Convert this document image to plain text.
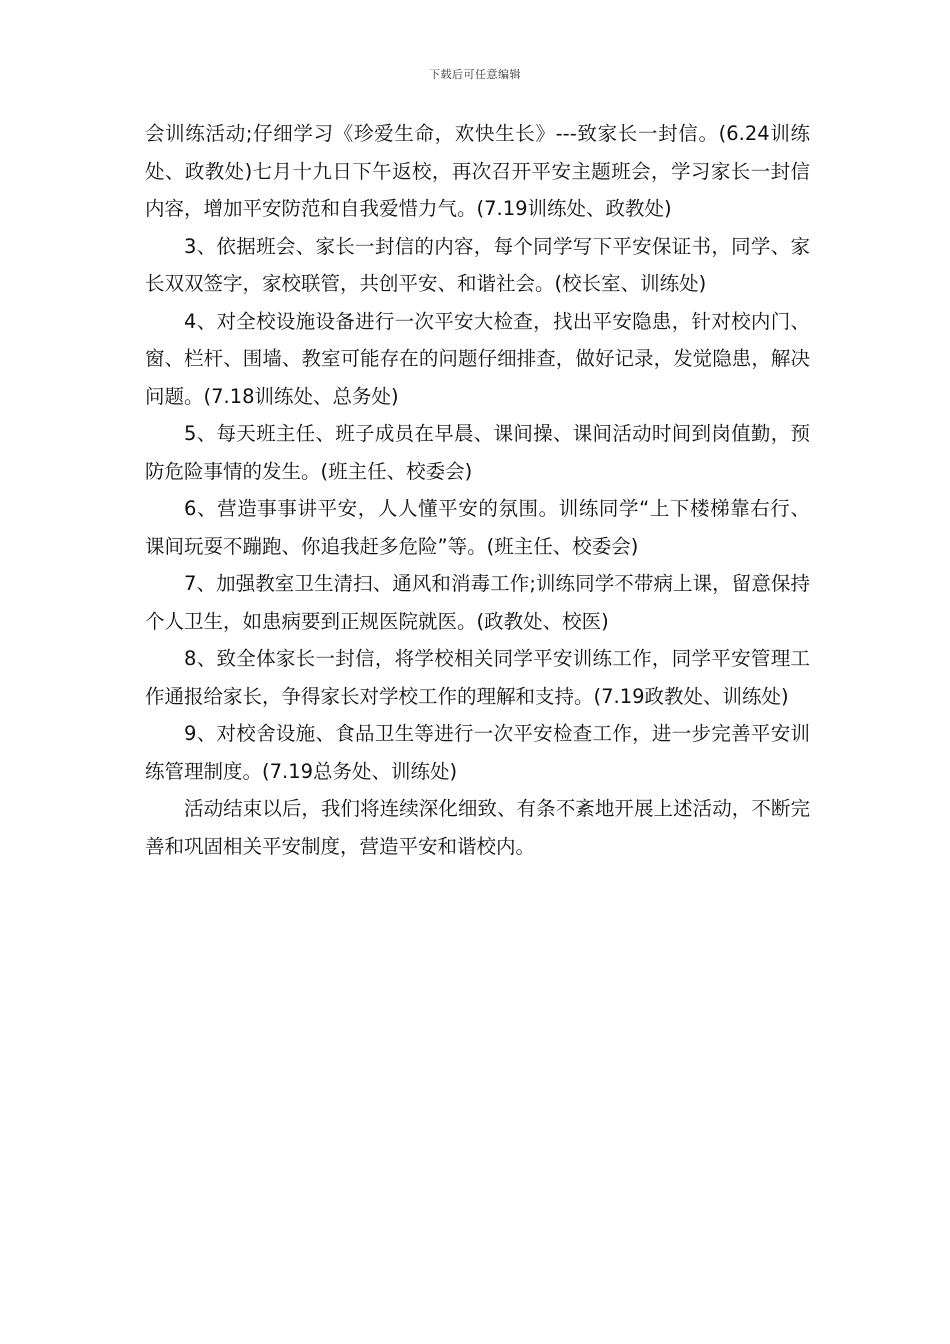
下载后可任意编辑

会训练活动;仔细学习《珍爱生命，欢快生长》---致家长一封信。(6.24训练处、政教处)七月十九日下午返校，再次召开平安主题班会，学习家长一封信内容，增加平安防范和自我爱惜力气。(7.19训练处、政教处)

3、依据班会、家长一封信的内容，每个同学写下平安保证书，同学、家长双双签字，家校联管，共创平安、和谐社会。(校长室、训练处)

4、对全校设施设备进行一次平安大检查，找出平安隐患，针对校内门、窗、栏杆、围墙、教室可能存在的问题仔细排查，做好记录，发觉隐患，解决问题。(7.18训练处、总务处)

5、每天班主任、班子成员在早晨、课间操、课间活动时间到岗值勤，预防危险事情的发生。(班主任、校委会)

6、营造事事讲平安，人人懂平安的氛围。训练同学“上下楼梯靠右行、课间玩耍不蹦跑、你追我赶多危险”等。(班主任、校委会)

7、加强教室卫生清扫、通风和消毒工作;训练同学不带病上课，留意保持个人卫生，如患病要到正规医院就医。(政教处、校医)

8、致全体家长一封信，将学校相关同学平安训练工作，同学平安管理工作通报给家长，争得家长对学校工作的理解和支持。(7.19政教处、训练处)

9、对校舍设施、食品卫生等进行一次平安检查工作，进一步完善平安训练管理制度。(7.19总务处、训练处)

活动结束以后，我们将连续深化细致、有条不紊地开展上述活动，不断完善和巩固相关平安制度，营造平安和谐校内。
